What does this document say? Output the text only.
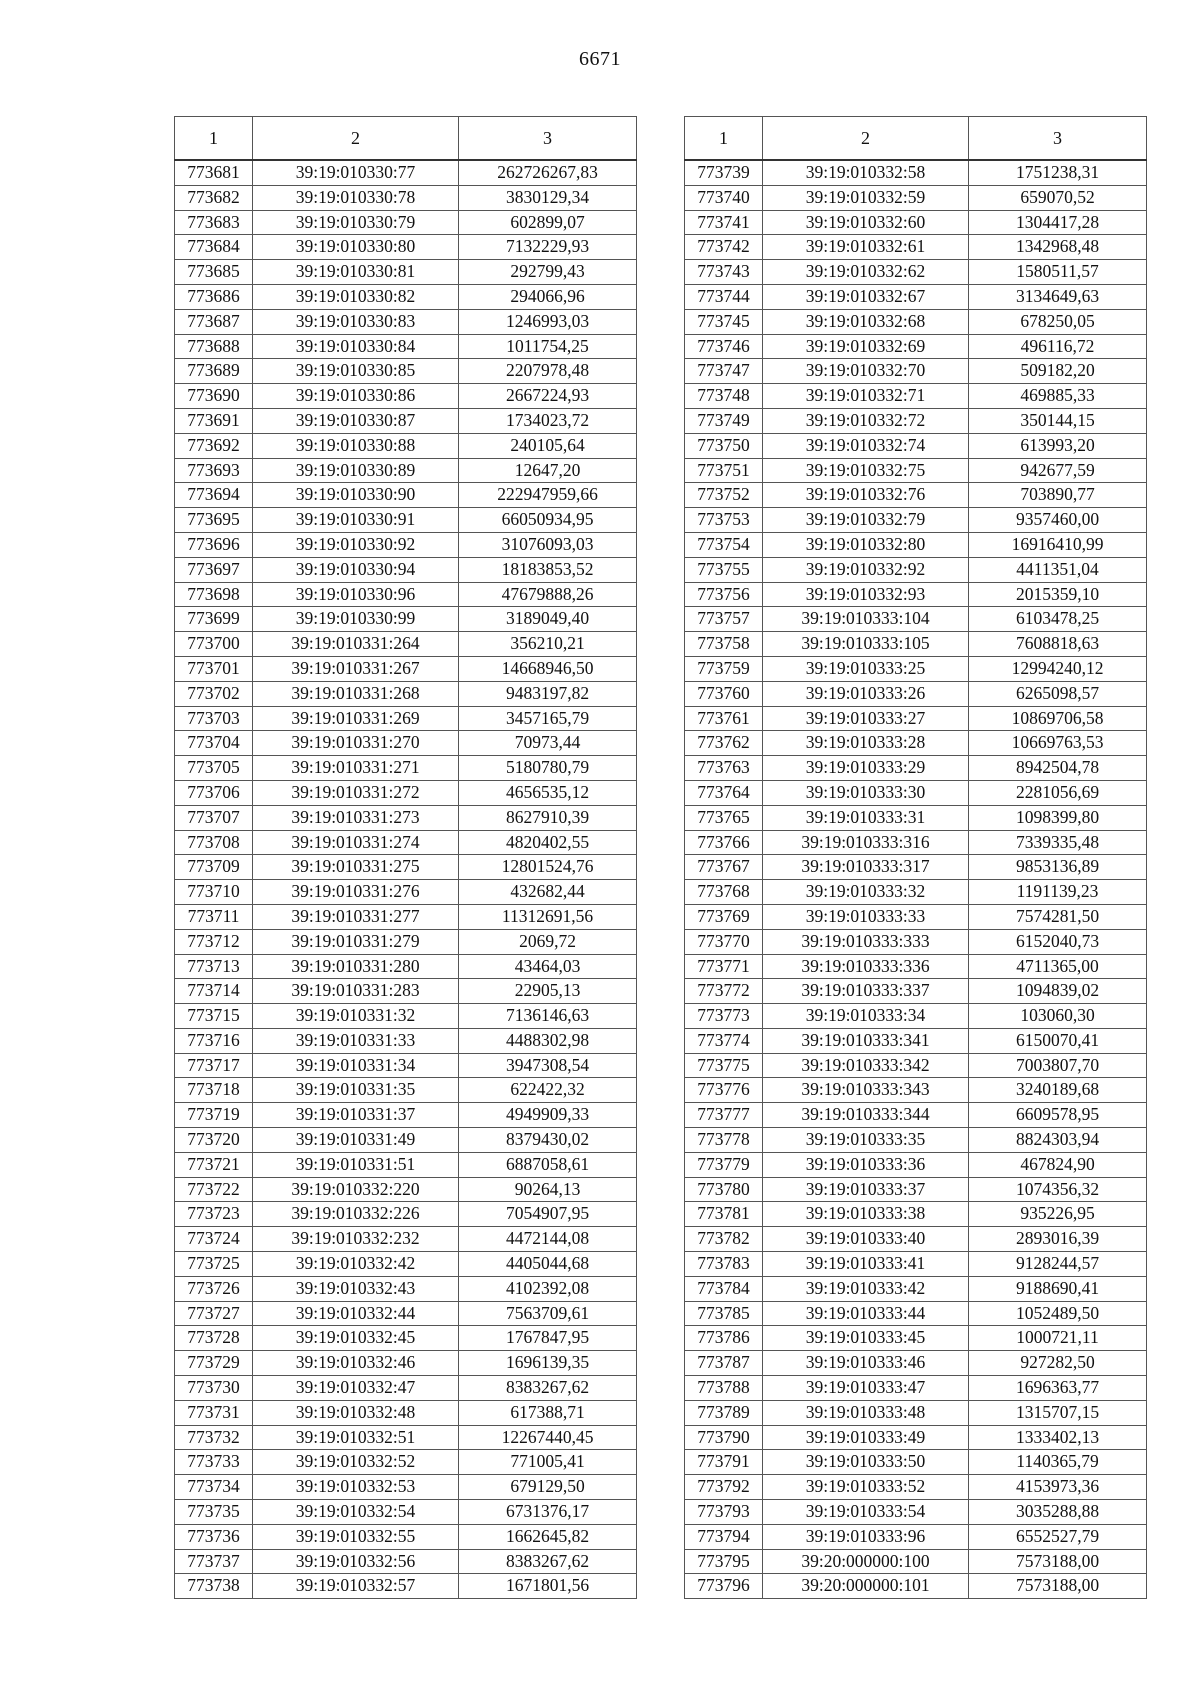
6671
1	2	3
773681	39:19:010330:77	262726267,83
773682	39:19:010330:78	3830129,34
773683	39:19:010330:79	602899,07
773684	39:19:010330:80	7132229,93
773685	39:19:010330:81	292799,43
773686	39:19:010330:82	294066,96
773687	39:19:010330:83	1246993,03
773688	39:19:010330:84	1011754,25
773689	39:19:010330:85	2207978,48
773690	39:19:010330:86	2667224,93
773691	39:19:010330:87	1734023,72
773692	39:19:010330:88	240105,64
773693	39:19:010330:89	12647,20
773694	39:19:010330:90	222947959,66
773695	39:19:010330:91	66050934,95
773696	39:19:010330:92	31076093,03
773697	39:19:010330:94	18183853,52
773698	39:19:010330:96	47679888,26
773699	39:19:010330:99	3189049,40
773700	39:19:010331:264	356210,21
773701	39:19:010331:267	14668946,50
773702	39:19:010331:268	9483197,82
773703	39:19:010331:269	3457165,79
773704	39:19:010331:270	70973,44
773705	39:19:010331:271	5180780,79
773706	39:19:010331:272	4656535,12
773707	39:19:010331:273	8627910,39
773708	39:19:010331:274	4820402,55
773709	39:19:010331:275	12801524,76
773710	39:19:010331:276	432682,44
773711	39:19:010331:277	11312691,56
773712	39:19:010331:279	2069,72
773713	39:19:010331:280	43464,03
773714	39:19:010331:283	22905,13
773715	39:19:010331:32	7136146,63
773716	39:19:010331:33	4488302,98
773717	39:19:010331:34	3947308,54
773718	39:19:010331:35	622422,32
773719	39:19:010331:37	4949909,33
773720	39:19:010331:49	8379430,02
773721	39:19:010331:51	6887058,61
773722	39:19:010332:220	90264,13
773723	39:19:010332:226	7054907,95
773724	39:19:010332:232	4472144,08
773725	39:19:010332:42	4405044,68
773726	39:19:010332:43	4102392,08
773727	39:19:010332:44	7563709,61
773728	39:19:010332:45	1767847,95
773729	39:19:010332:46	1696139,35
773730	39:19:010332:47	8383267,62
773731	39:19:010332:48	617388,71
773732	39:19:010332:51	12267440,45
773733	39:19:010332:52	771005,41
773734	39:19:010332:53	679129,50
773735	39:19:010332:54	6731376,17
773736	39:19:010332:55	1662645,82
773737	39:19:010332:56	8383267,62
773738	39:19:010332:57	1671801,56
1	2	3
773739	39:19:010332:58	1751238,31
773740	39:19:010332:59	659070,52
773741	39:19:010332:60	1304417,28
773742	39:19:010332:61	1342968,48
773743	39:19:010332:62	1580511,57
773744	39:19:010332:67	3134649,63
773745	39:19:010332:68	678250,05
773746	39:19:010332:69	496116,72
773747	39:19:010332:70	509182,20
773748	39:19:010332:71	469885,33
773749	39:19:010332:72	350144,15
773750	39:19:010332:74	613993,20
773751	39:19:010332:75	942677,59
773752	39:19:010332:76	703890,77
773753	39:19:010332:79	9357460,00
773754	39:19:010332:80	16916410,99
773755	39:19:010332:92	4411351,04
773756	39:19:010332:93	2015359,10
773757	39:19:010333:104	6103478,25
773758	39:19:010333:105	7608818,63
773759	39:19:010333:25	12994240,12
773760	39:19:010333:26	6265098,57
773761	39:19:010333:27	10869706,58
773762	39:19:010333:28	10669763,53
773763	39:19:010333:29	8942504,78
773764	39:19:010333:30	2281056,69
773765	39:19:010333:31	1098399,80
773766	39:19:010333:316	7339335,48
773767	39:19:010333:317	9853136,89
773768	39:19:010333:32	1191139,23
773769	39:19:010333:33	7574281,50
773770	39:19:010333:333	6152040,73
773771	39:19:010333:336	4711365,00
773772	39:19:010333:337	1094839,02
773773	39:19:010333:34	103060,30
773774	39:19:010333:341	6150070,41
773775	39:19:010333:342	7003807,70
773776	39:19:010333:343	3240189,68
773777	39:19:010333:344	6609578,95
773778	39:19:010333:35	8824303,94
773779	39:19:010333:36	467824,90
773780	39:19:010333:37	1074356,32
773781	39:19:010333:38	935226,95
773782	39:19:010333:40	2893016,39
773783	39:19:010333:41	9128244,57
773784	39:19:010333:42	9188690,41
773785	39:19:010333:44	1052489,50
773786	39:19:010333:45	1000721,11
773787	39:19:010333:46	927282,50
773788	39:19:010333:47	1696363,77
773789	39:19:010333:48	1315707,15
773790	39:19:010333:49	1333402,13
773791	39:19:010333:50	1140365,79
773792	39:19:010333:52	4153973,36
773793	39:19:010333:54	3035288,88
773794	39:19:010333:96	6552527,79
773795	39:20:000000:100	7573188,00
773796	39:20:000000:101	7573188,00
